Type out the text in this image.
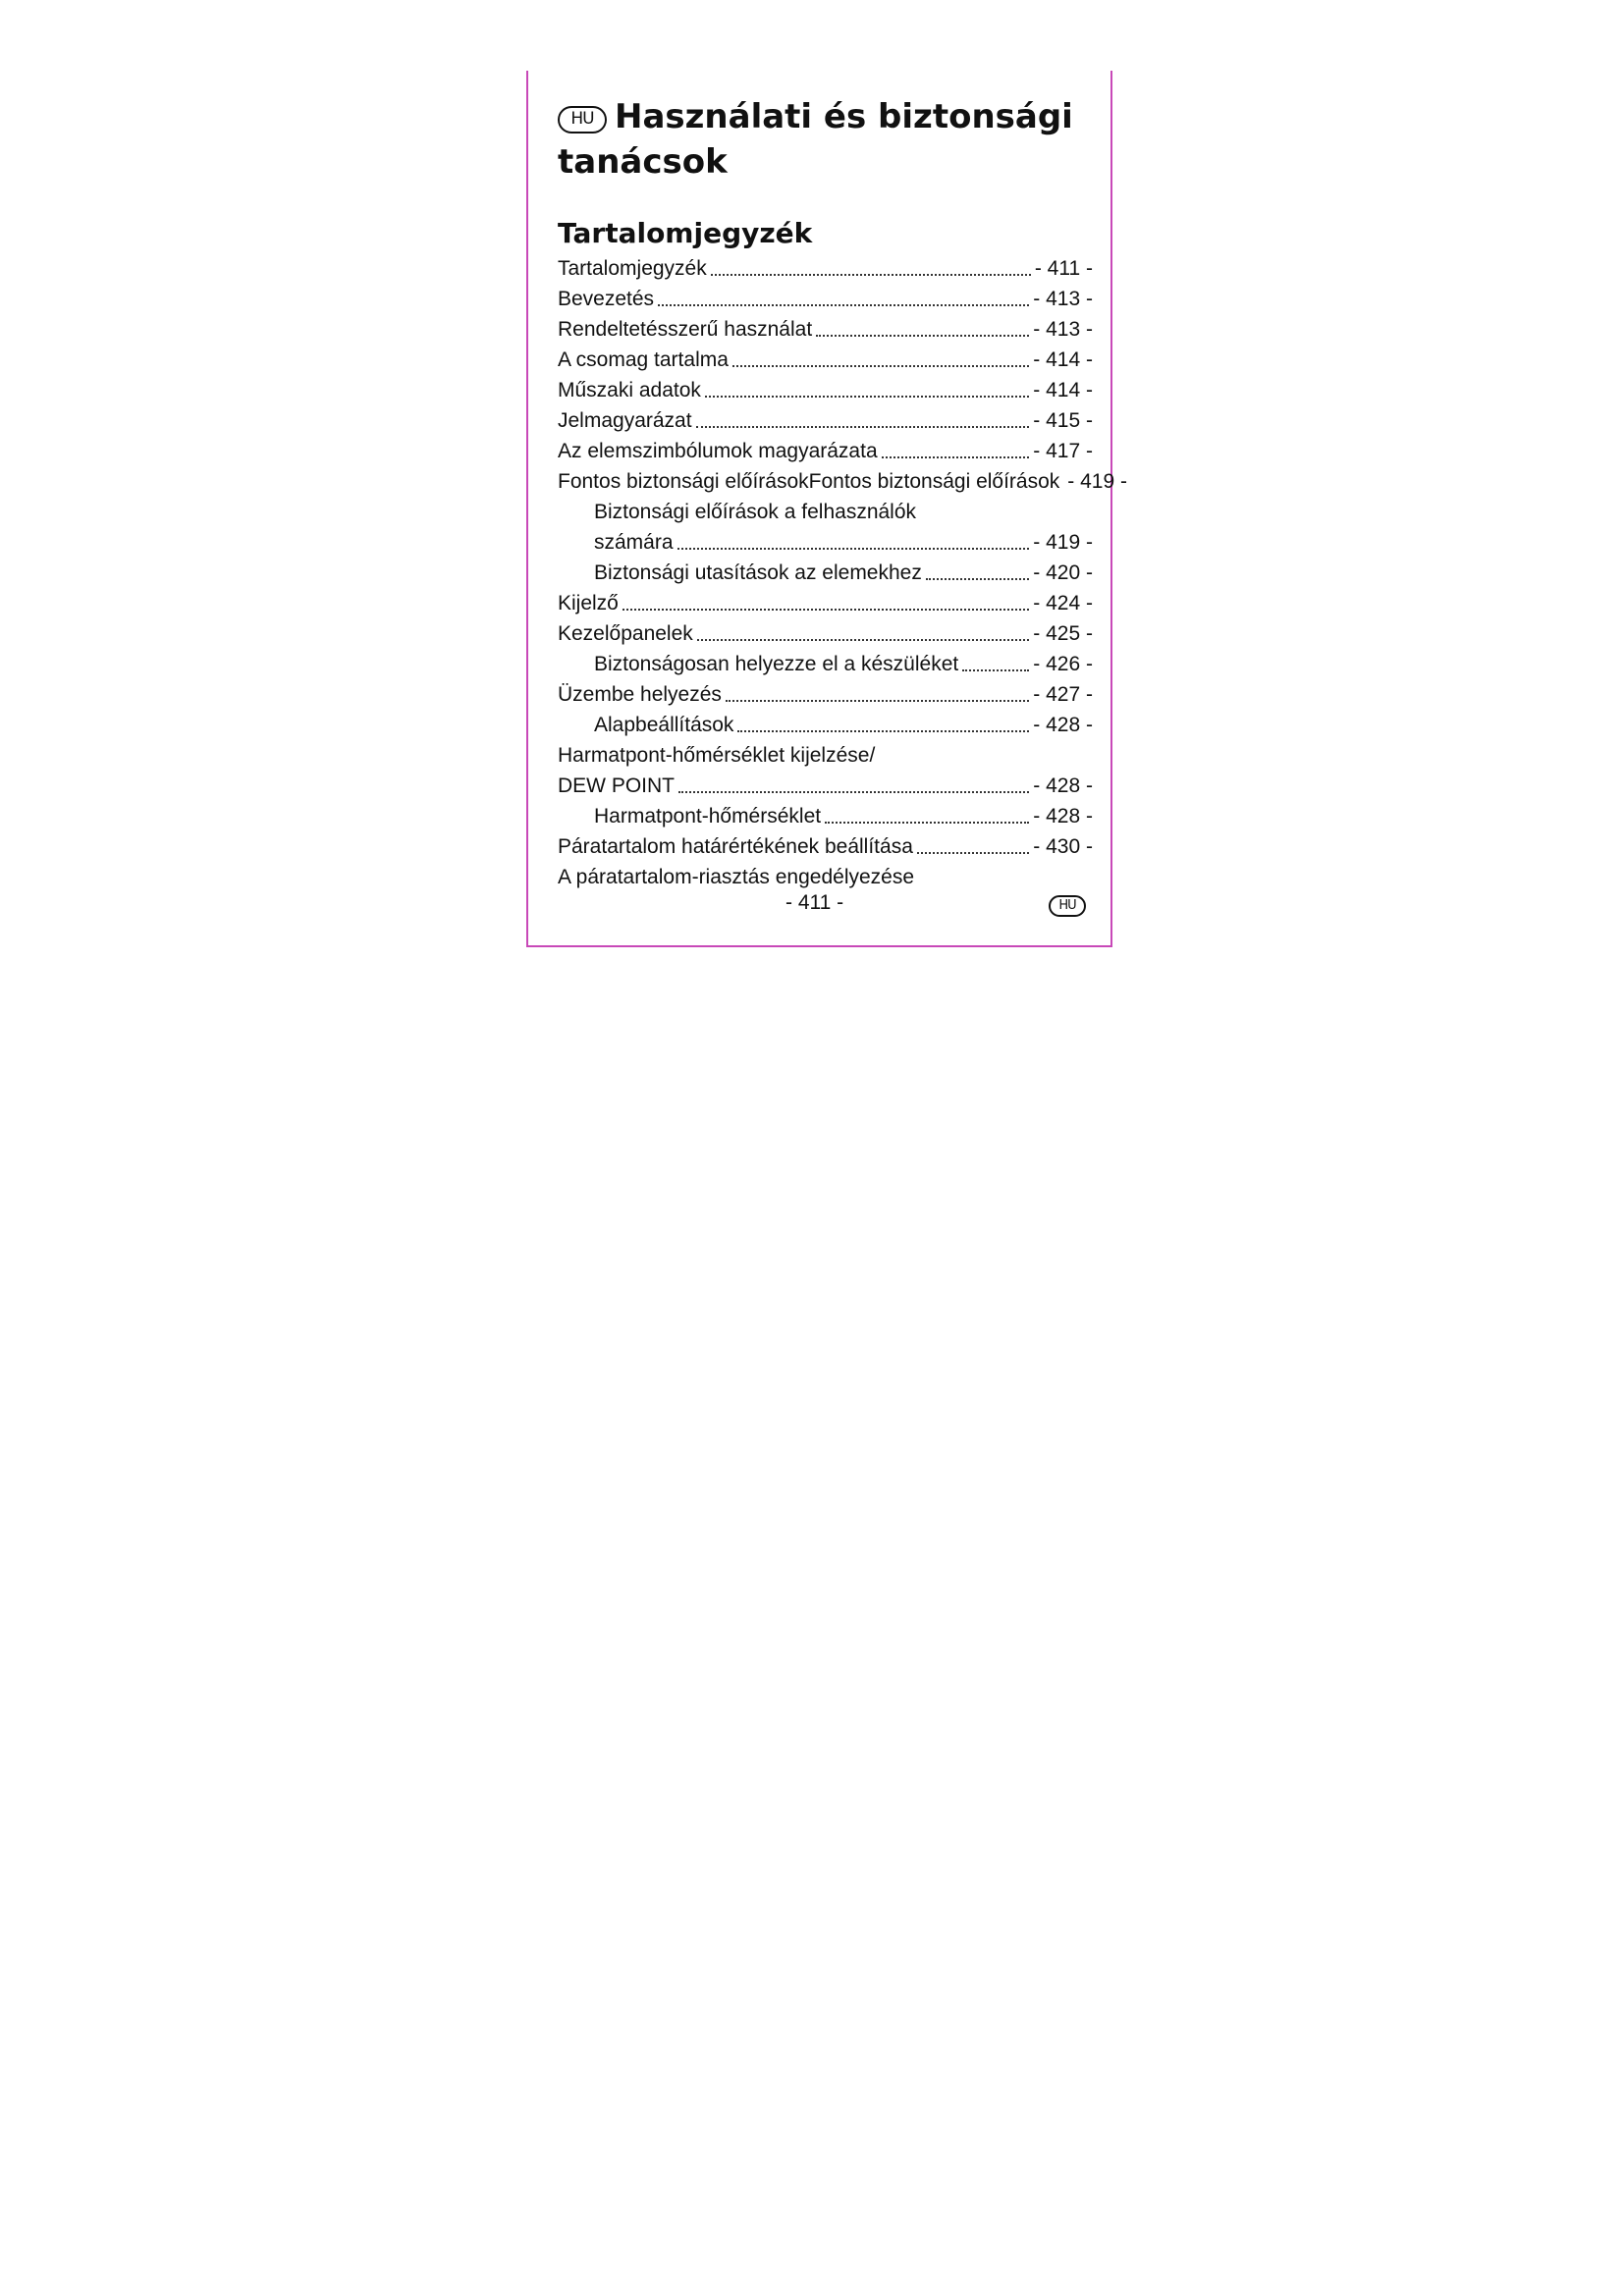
HU Használati és biztonsági tanácsok
Tartalomjegyzék
Tartalomjegyzék	- 411 -
Bevezetés	- 413 -
Rendeltetésszerű használat	- 413 -
A csomag tartalma	- 414 -
Műszaki adatok	- 414 -
Jelmagyarázat	- 415 -
Az elemszimbólumok magyarázata	- 417 -
Fontos biztonsági előírásokFontos biztonsági előírások - 419 -
Biztonsági előírások a felhasználók
számára	- 419 -
Biztonsági utasítások az elemekhez	- 420 -
Kijelző	- 424 -
Kezelőpanelek	- 425 -
Biztonságosan helyezze el a készüléket	- 426 -
Üzembe helyezés	- 427 -
Alapbeállítások	- 428 -
Harmatpont-hőmérséklet kijelzése/
DEW POINT	- 428 -
Harmatpont-hőmérséklet	- 428 -
Páratartalom határértékének beállítása	- 430 -
A páratartalom-riasztás engedélyezése
- 411 -	HU
